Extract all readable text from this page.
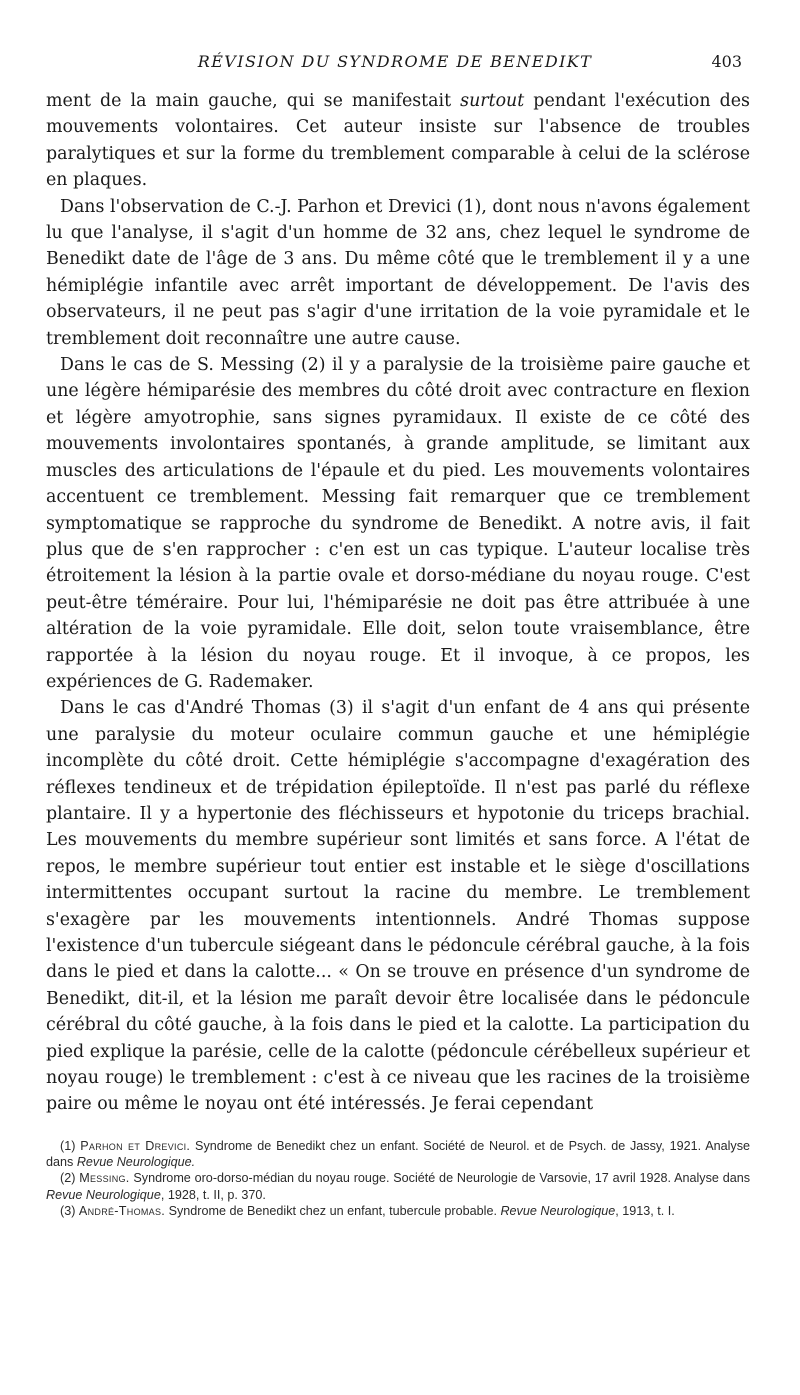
RÉVISION DU SYNDROME DE BENEDIKT	403

ment de la main gauche, qui se manifestait surtout pendant l'exécution des mouvements volontaires. Cet auteur insiste sur l'absence de troubles paralytiques et sur la forme du tremblement comparable à celui de la sclérose en plaques.

Dans l'observation de C.-J. Parhon et Drevici (1), dont nous n'avons également lu que l'analyse, il s'agit d'un homme de 32 ans, chez lequel le syndrome de Benedikt date de l'âge de 3 ans. Du même côté que le tremblement il y a une hémiplégie infantile avec arrêt important de développement. De l'avis des observateurs, il ne peut pas s'agir d'une irritation de la voie pyramidale et le tremblement doit reconnaître une autre cause.

Dans le cas de S. Messing (2) il y a paralysie de la troisième paire gauche et une légère hémiparésie des membres du côté droit avec contracture en flexion et légère amyotrophie, sans signes pyramidaux. Il existe de ce côté des mouvements involontaires spontanés, à grande amplitude, se limitant aux muscles des articulations de l'épaule et du pied. Les mouvements volontaires accentuent ce tremblement. Messing fait remarquer que ce tremblement symptomatique se rapproche du syndrome de Benedikt. A notre avis, il fait plus que de s'en rapprocher : c'en est un cas typique. L'auteur localise très étroitement la lésion à la partie ovale et dorso-médiane du noyau rouge. C'est peut-être téméraire. Pour lui, l'hémiparésie ne doit pas être attribuée à une altération de la voie pyramidale. Elle doit, selon toute vraisemblance, être rapportée à la lésion du noyau rouge. Et il invoque, à ce propos, les expériences de G. Rademaker.

Dans le cas d'André Thomas (3) il s'agit d'un enfant de 4 ans qui présente une paralysie du moteur oculaire commun gauche et une hémiplégie incomplète du côté droit. Cette hémiplégie s'accompagne d'exagération des réflexes tendineux et de trépidation épileptoïde. Il n'est pas parlé du réflexe plantaire. Il y a hypertonie des fléchisseurs et hypotonie du triceps brachial. Les mouvements du membre supérieur sont limités et sans force. A l'état de repos, le membre supérieur tout entier est instable et le siège d'oscillations intermittentes occupant surtout la racine du membre. Le tremblement s'exagère par les mouvements intentionnels. André Thomas suppose l'existence d'un tubercule siégeant dans le pédoncule cérébral gauche, à la fois dans le pied et dans la calotte... « On se trouve en présence d'un syndrome de Benedikt, dit-il, et la lésion me paraît devoir être localisée dans le pédoncule cérébral du côté gauche, à la fois dans le pied et la calotte. La participation du pied explique la parésie, celle de la calotte (pédoncule cérébelleux supérieur et noyau rouge) le tremblement : c'est à ce niveau que les racines de la troisième paire ou même le noyau ont été intéressés. Je ferai cependant

(1) Parhon et Drevici. Syndrome de Benedikt chez un enfant. Société de Neurol. et de Psych. de Jassy, 1921. Analyse dans Revue Neurologique.

(2) Messing. Syndrome oro-dorso-médian du noyau rouge. Société de Neurologie de Varsovie, 17 avril 1928. Analyse dans Revue Neurologique, 1928, t. II, p. 370.

(3) André-Thomas. Syndrome de Benedikt chez un enfant, tubercule probable. Revue Neurologique, 1913, t. I.
